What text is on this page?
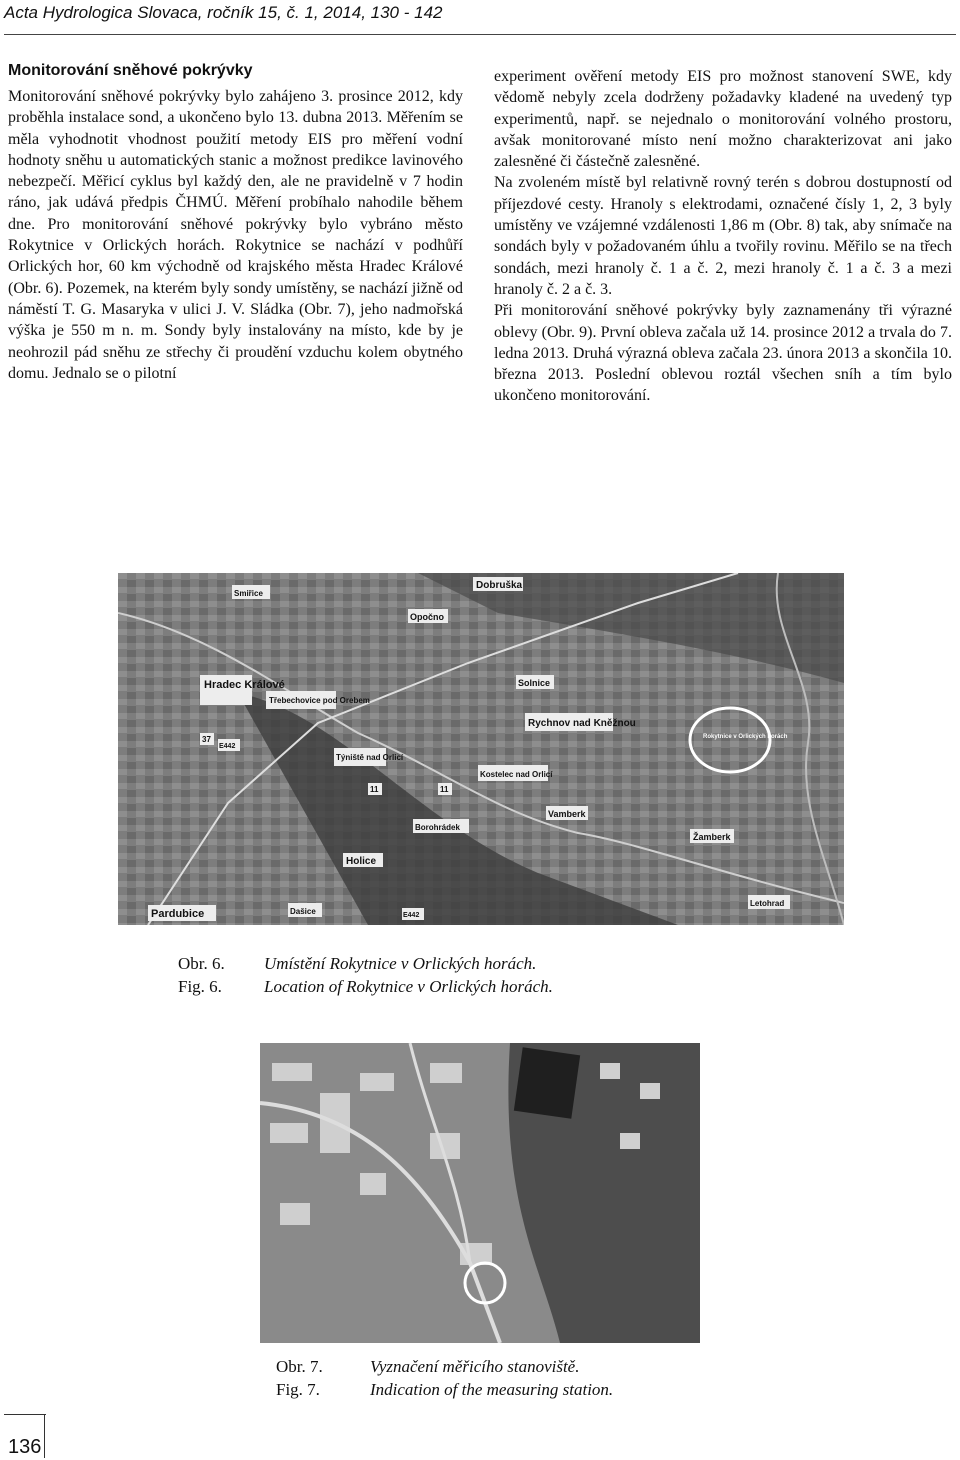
Acta Hydrologica Slovaca, ročník 15, č. 1, 2014, 130 - 142
Monitorování sněhové pokrývky

Monitorování sněhové pokrývky bylo zahájeno 3. prosince 2012, kdy proběhla instalace sond, a ukončeno bylo 13. dubna 2013. Měřením se měla vyhodnotit vhodnost použití metody EIS pro měření vodní hodnoty sněhu u automatických stanic a možnost predikce lavinového nebezpečí. Měřicí cyklus byl každý den, ale ne pravidelně v 7 hodin ráno, jak udává předpis ČHMÚ. Měření probíhalo nahodile během dne. Pro monitorování sněhové pokrývky bylo vybráno město Rokytnice v Orlických horách. Rokytnice se nachází v podhůří Orlických hor, 60 km východně od krajského města Hradec Králové (Obr. 6). Pozemek, na kterém byly sondy umístěny, se nachází jižně od náměstí T. G. Masaryka v ulici J. V. Sládka (Obr. 7), jeho nadmořská výška je 550 m n. m. Sondy byly instalovány na místo, kde by je neohrozil pád sněhu ze střechy či proudění vzduchu kolem obytného domu. Jednalo se o pilotní

experiment ověření metody EIS pro možnost stanovení SWE, kdy vědomě nebyly zcela dodrženy požadavky kladené na uvedený typ experimentů, např. se nejednalo o monitorování volného prostoru, avšak monitorované místo není možno charakterizovat ani jako zalesněné či částečně zalesněné.

Na zvoleném místě byl relativně rovný terén s dobrou dostupností od příjezdové cesty. Hranoly s elektrodami, označené čísly 1, 2, 3 byly umístěny ve vzájemné vzdálenosti 1,86 m (Obr. 8) tak, aby snímače na sondách byly v požadovaném úhlu a tvořily rovinu. Měřilo se na třech sondách, mezi hranoly č. 1 a č. 2, mezi hranoly č. 1 a č. 3 a mezi hranoly č. 2 a č. 3.

Při monitorování sněhové pokrývky byly zaznamenány tři výrazné oblevy (Obr. 9). První obleva začala už 14. prosince 2012 a trvala do 7. ledna 2013. Druhá výrazná obleva začala 23. února 2013 a skončila 10. března 2013. Poslední oblevou roztál všechen sníh a tím bylo ukončeno monitorování.

Hradec Králové
Třebechovice pod Orebem
Týniště nad Orlicí
Rychnov nad Kněžnou
Kostelec nad Orlicí
Rokytnice v Orlických horách
Pardubice
Holice
Dobruška
Opočno
Solnice
Vamberk
Žamberk
Borohrádek
Smiřice
Dašice
Letohrad
E442
E442
11
11
37
Obr. 6. Umístění Rokytnice v Orlických horách.
Fig. 6. Location of Rokytnice v Orlických horách.
Obr. 7.	Vyznačení měřicího stanoviště.
Fig. 7.	Indication of the measuring station.
136
